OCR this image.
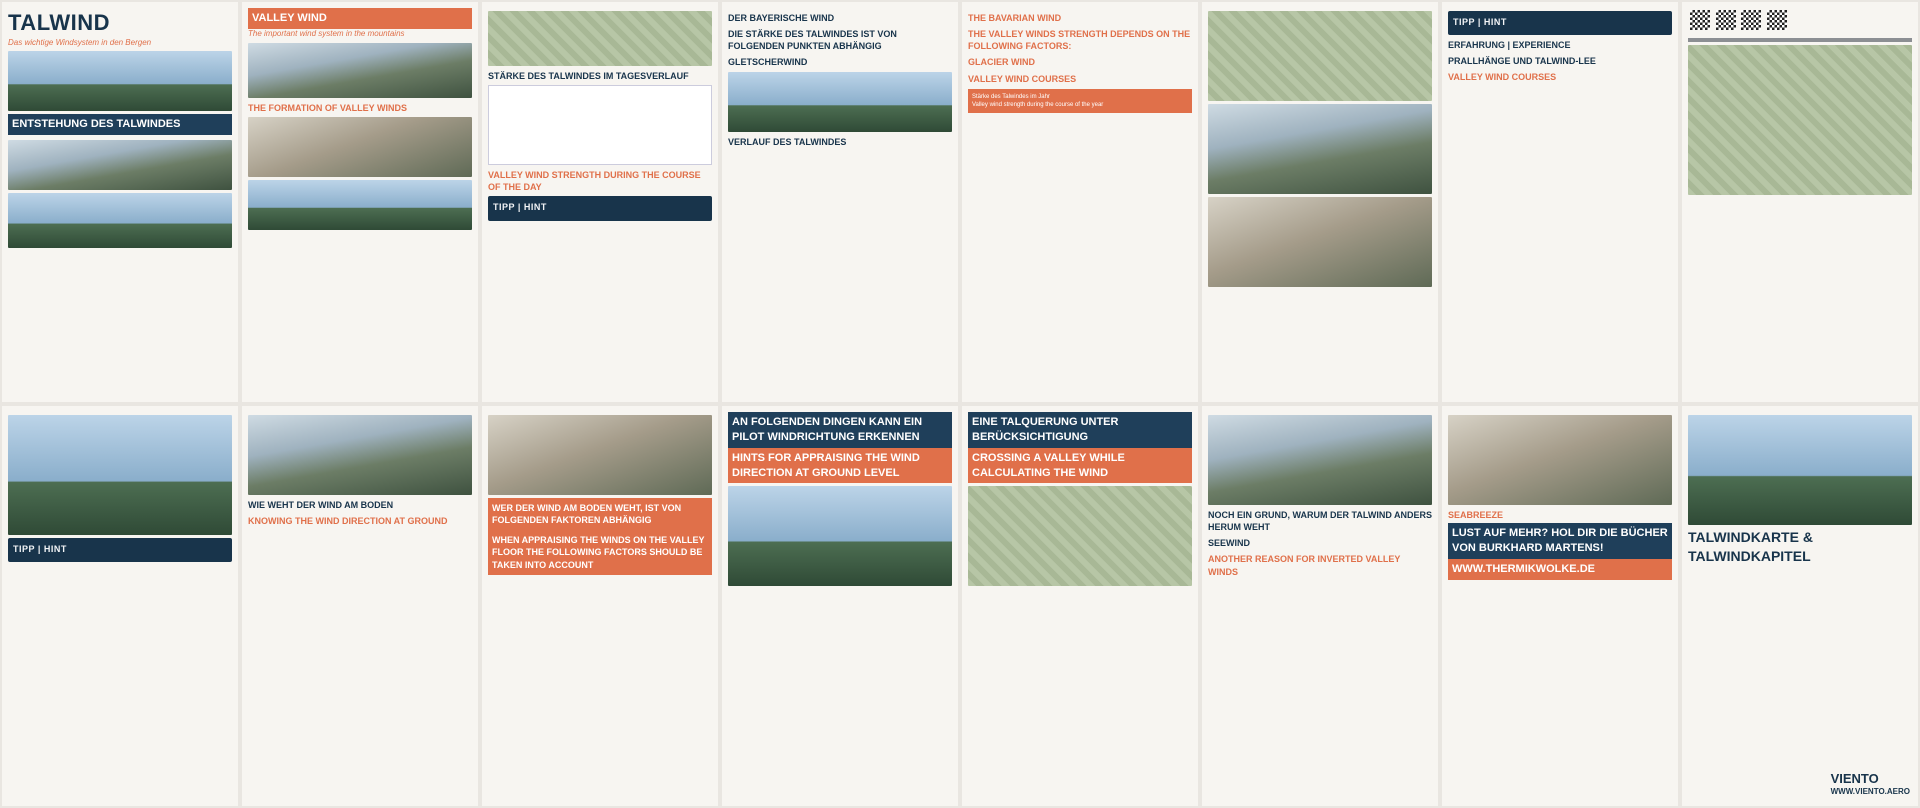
TALWIND
Das wichtige Windsystem in den Bergen
ENTSTEHUNG DES TALWINDES
VALLEY WIND
The important wind system in the mountains
THE FORMATION OF VALLEY WINDS
STÄRKE DES TALWINDES IM TAGESVERLAUF
VALLEY WIND STRENGTH DURING THE COURSE OF THE DAY
TIPP | HINT
DER BAYERISCHE WIND
DIE STÄRKE DES TALWINDES IST VON FOLGENDEN PUNKTEN ABHÄNGIG
GLETSCHERWIND
VERLAUF DES TALWINDES
THE BAVARIAN WIND
THE VALLEY WINDS STRENGTH DEPENDS ON THE FOLLOWING FACTORS:
GLACIER WIND
VALLEY WIND COURSES
Stärke des Talwindes im Jahr
Valley wind strength during the course of the year
TIPP | HINT
ERFAHRUNG | EXPERIENCE
PRALLHÄNGE UND TALWIND-LEE
VALLEY WIND COURSES

TIPP | HINT
WIE WEHT DER WIND AM BODEN
KNOWING THE WIND DIRECTION AT GROUND
WER DER WIND AM BODEN WEHT, IST VON FOLGENDEN FAKTOREN ABHÄNGIG
WHEN APPRAISING THE WINDS ON THE VALLEY FLOOR THE FOLLOWING FACTORS SHOULD BE TAKEN INTO ACCOUNT
AN FOLGENDEN DINGEN KANN EIN PILOT WINDRICHTUNG ERKENNEN
HINTS FOR APPRAISING THE WIND DIRECTION AT GROUND LEVEL
EINE TALQUERUNG UNTER BERÜCKSICHTIGUNG
CROSSING A VALLEY WHILE CALCULATING THE WIND
NOCH EIN GRUND, WARUM DER TALWIND ANDERS HERUM WEHT
SEEWIND
ANOTHER REASON FOR INVERTED VALLEY WINDS
SEABREEZE
LUST AUF MEHR? HOL DIR DIE BÜCHER VON BURKHARD MARTENS!
WWW.THERMIKWOLKE.DE
TALWINDKARTE & TALWINDKAPITEL
VIENTO
WWW.VIENTO.AERO
